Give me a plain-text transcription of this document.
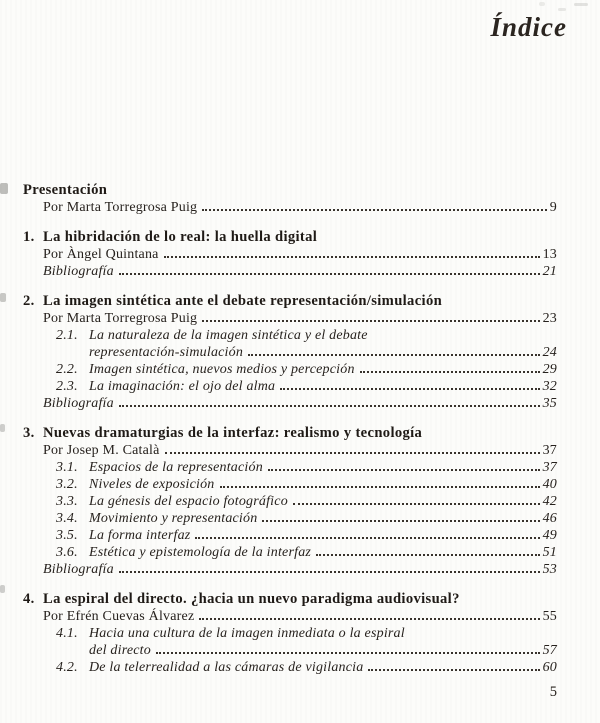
Índice
Presentación
Por Marta Torregrosa Puig	9
1. La hibridación de lo real: la huella digital
Por Àngel Quintana	13
Bibliografía	21
2. La imagen sintética ante el debate representación/simulación
Por Marta Torregrosa Puig	23
2.1. La naturaleza de la imagen sintética y el debate
representación-simulación	24
2.2. Imagen sintética, nuevos medios y percepción	29
2.3. La imaginación: el ojo del alma	32
Bibliografía	35
3. Nuevas dramaturgias de la interfaz: realismo y tecnología
Por Josep M. Català	37
3.1. Espacios de la representación	37
3.2. Niveles de exposición	40
3.3. La génesis del espacio fotográfico	42
3.4. Movimiento y representación	46
3.5. La forma interfaz	49
3.6. Estética y epistemología de la interfaz	51
Bibliografía	53
4. La espiral del directo. ¿hacia un nuevo paradigma audiovisual?
Por Efrén Cuevas Álvarez	55
4.1. Hacia una cultura de la imagen inmediata o la espiral
del directo	57
4.2. De la telerrealidad a las cámaras de vigilancia	60
5
